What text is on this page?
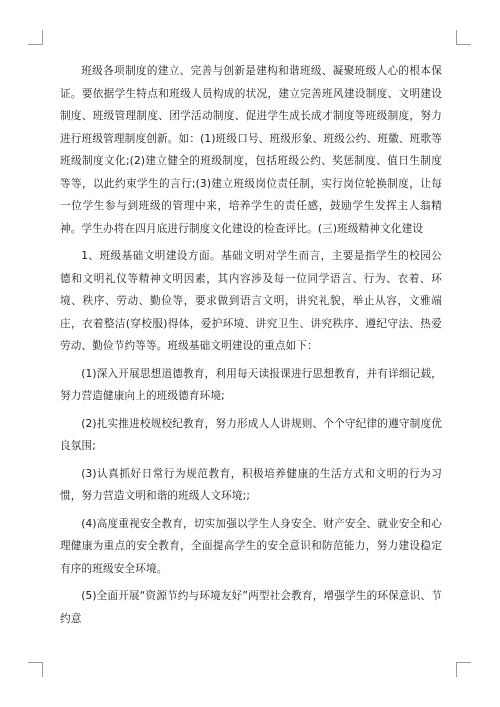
班级各项制度的建立、完善与创新是建构和谐班级、凝聚班级人心的根本保证。要依据学生特点和班级人员构成的状况，建立完善班风建设制度、文明建设制度、班级管理制度、团学活动制度、促进学生成长成才制度等班级制度，努力进行班级管理制度创新。如：(1)班级口号、班级形象、班级公约、班徽、班歌等班级制度文化;(2)建立健全的班级制度，包括班级公约、奖惩制度、值日生制度等等，以此约束学生的言行;(3)建立班级岗位责任制，实行岗位轮换制度，让每一位学生参与到班级的管理中来，培养学生的责任感，鼓励学生发挥主人翁精神。学生办将在四月底进行制度文化建设的检查评比。(三)班级精神文化建设

1、班级基础文明建设方面。基础文明对学生而言，主要是指学生的校园公德和文明礼仪等精神文明因素，其内容涉及每一位同学语言、行为、衣着、环境、秩序、劳动、勤俭等，要求做到语言文明，讲究礼貌，举止从容，文雅端庄，衣着整洁(穿校服)得体，爱护环境、讲究卫生、讲究秩序、遵纪守法、热爱劳动、勤俭节约等等。班级基础文明建设的重点如下：

(1)深入开展思想道德教育，利用每天读报课进行思想教育，并有详细记载，努力营造健康向上的班级德育环境;

(2)扎实推进校规校纪教育，努力形成人人讲规则、个个守纪律的遵守制度优良氛围;

(3)认真抓好日常行为规范教育，积极培养健康的生活方式和文明的行为习惯，努力营造文明和谐的班级人文环境;;

(4)高度重视安全教育，切实加强以学生人身安全、财产安全、就业安全和心理健康为重点的安全教育，全面提高学生的安全意识和防范能力，努力建设稳定有序的班级安全环境。

(5)全面开展“资源节约与环境友好”两型社会教育，增强学生的环保意识、节约意
